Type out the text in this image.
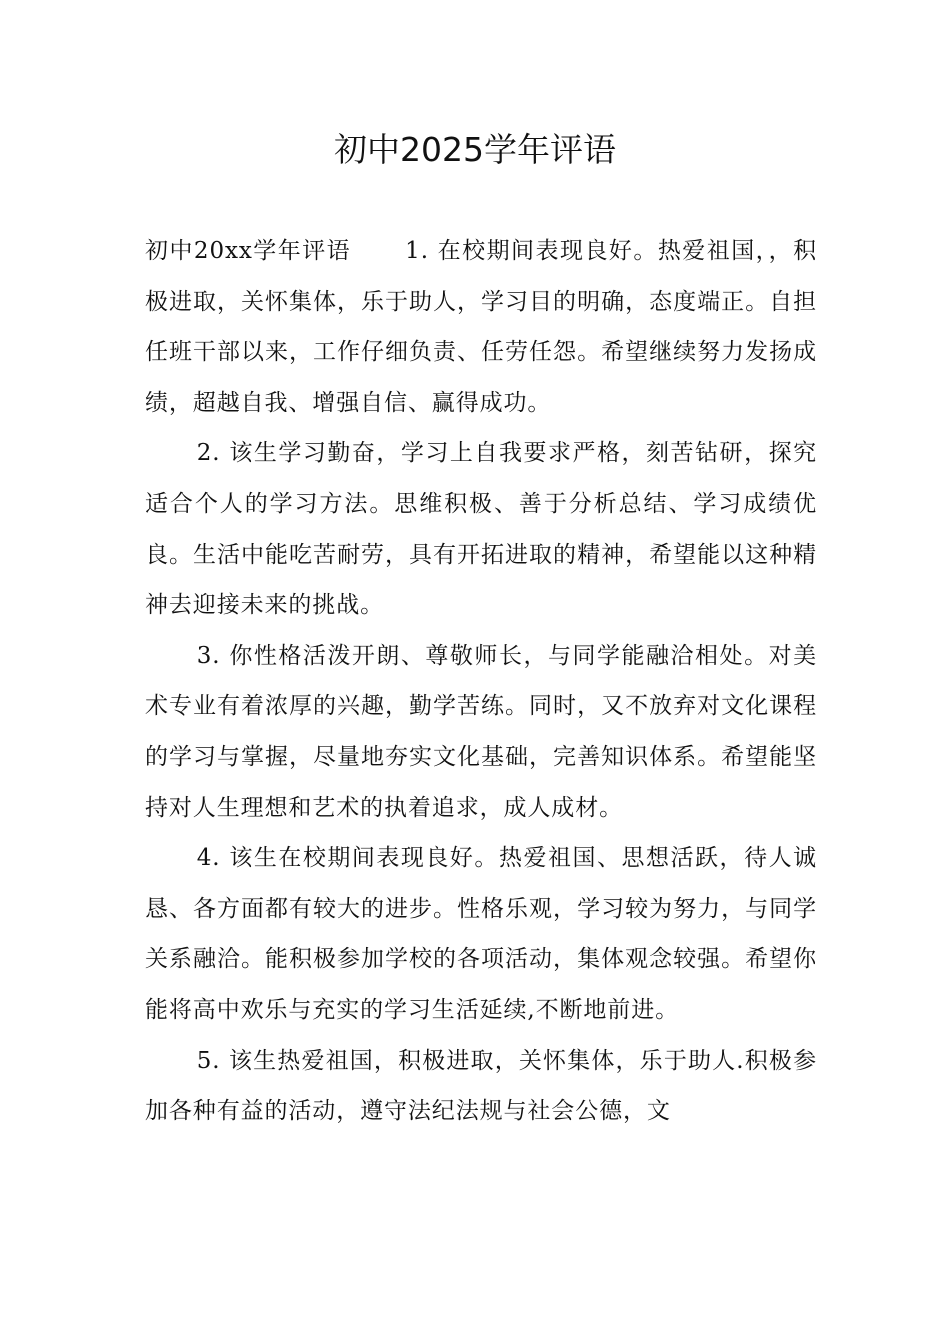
初中2025学年评语

初中20xx学年评语 1. 在校期间表现良好。热爱祖国，，积极进取，关怀集体，乐于助人，学习目的明确，态度端正。自担任班干部以来，工作仔细负责、任劳任怨。希望继续努力发扬成绩，超越自我、增强自信、赢得成功。

2. 该生学习勤奋，学习上自我要求严格，刻苦钻研，探究适合个人的学习方法。思维积极、善于分析总结、学习成绩优良。生活中能吃苦耐劳，具有开拓进取的精神，希望能以这种精神去迎接未来的挑战。

3. 你性格活泼开朗、尊敬师长，与同学能融洽相处。对美术专业有着浓厚的兴趣，勤学苦练。同时，又不放弃对文化课程的学习与掌握，尽量地夯实文化基础，完善知识体系。希望能坚持对人生理想和艺术的执着追求，成人成材。

4. 该生在校期间表现良好。热爱祖国、思想活跃，待人诚恳、各方面都有较大的进步。性格乐观，学习较为努力，与同学关系融洽。能积极参加学校的各项活动，集体观念较强。希望你能将高中欢乐与充实的学习生活延续,不断地前进。

5. 该生热爱祖国，积极进取，关怀集体，乐于助人.积极参加各种有益的活动，遵守法纪法规与社会公德，文
